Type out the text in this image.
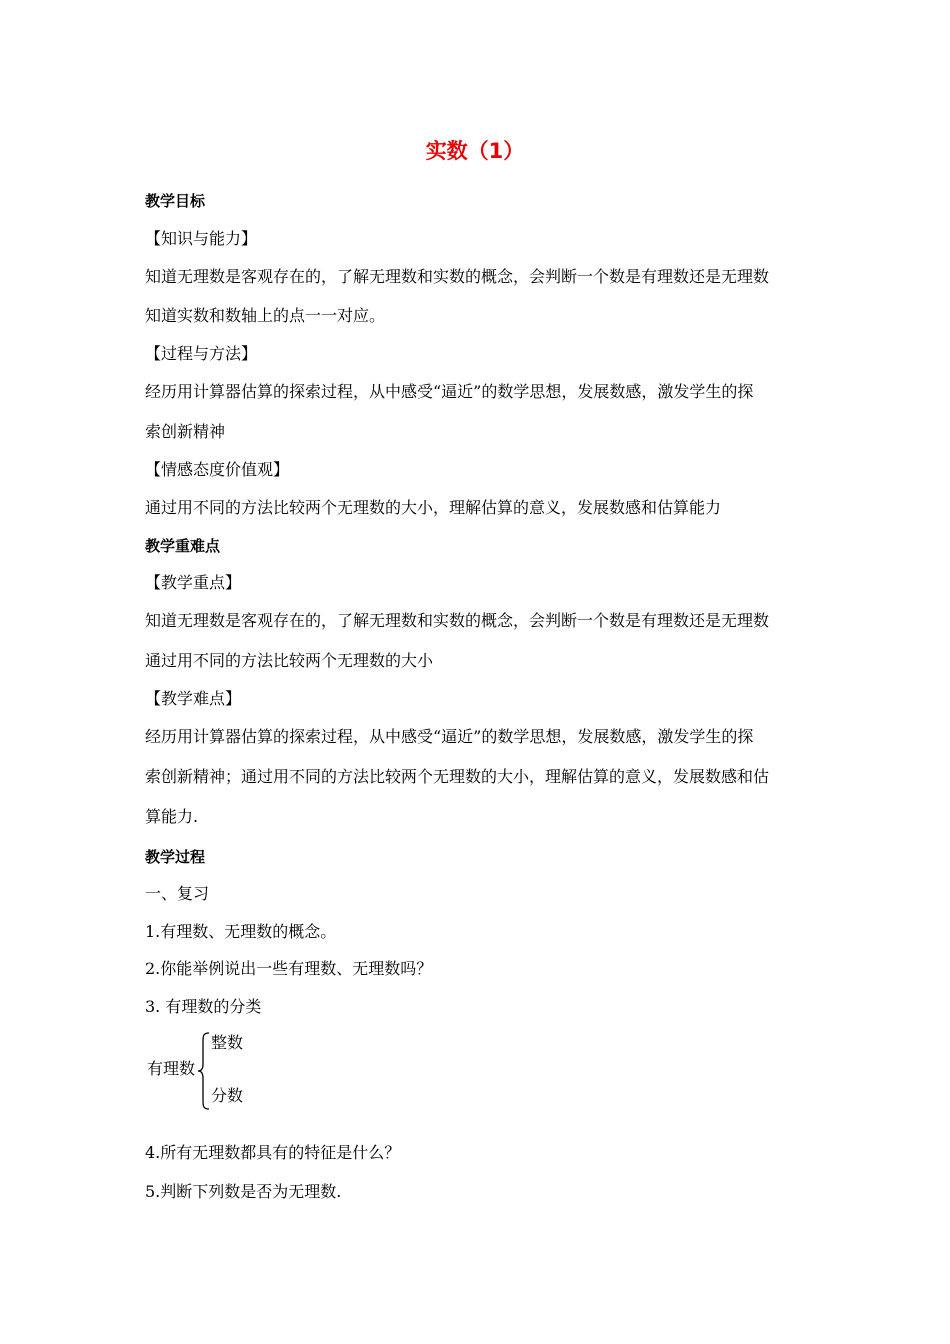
实数（1）
教学目标
【知识与能力】
知道无理数是客观存在的，了解无理数和实数的概念，会判断一个数是有理数还是无理数
知道实数和数轴上的点一一对应。
【过程与方法】
经历用计算器估算的探索过程，从中感受“逼近”的数学思想，发展数感，激发学生的探
索创新精神
【情感态度价值观】
通过用不同的方法比较两个无理数的大小，理解估算的意义，发展数感和估算能力
教学重难点
【教学重点】
知道无理数是客观存在的，了解无理数和实数的概念，会判断一个数是有理数还是无理数
通过用不同的方法比较两个无理数的大小
【教学难点】
经历用计算器估算的探索过程，从中感受“逼近”的数学思想，发展数感，激发学生的探
索创新精神；通过用不同的方法比较两个无理数的大小，理解估算的意义，发展数感和估
算能力.
教学过程
一、复习
1.有理数、无理数的概念。
2.你能举例说出一些有理数、无理数吗？
3. 有理数的分类
有理数
整数
分数
4.所有无理数都具有的特征是什么？
5.判断下列数是否为无理数.
